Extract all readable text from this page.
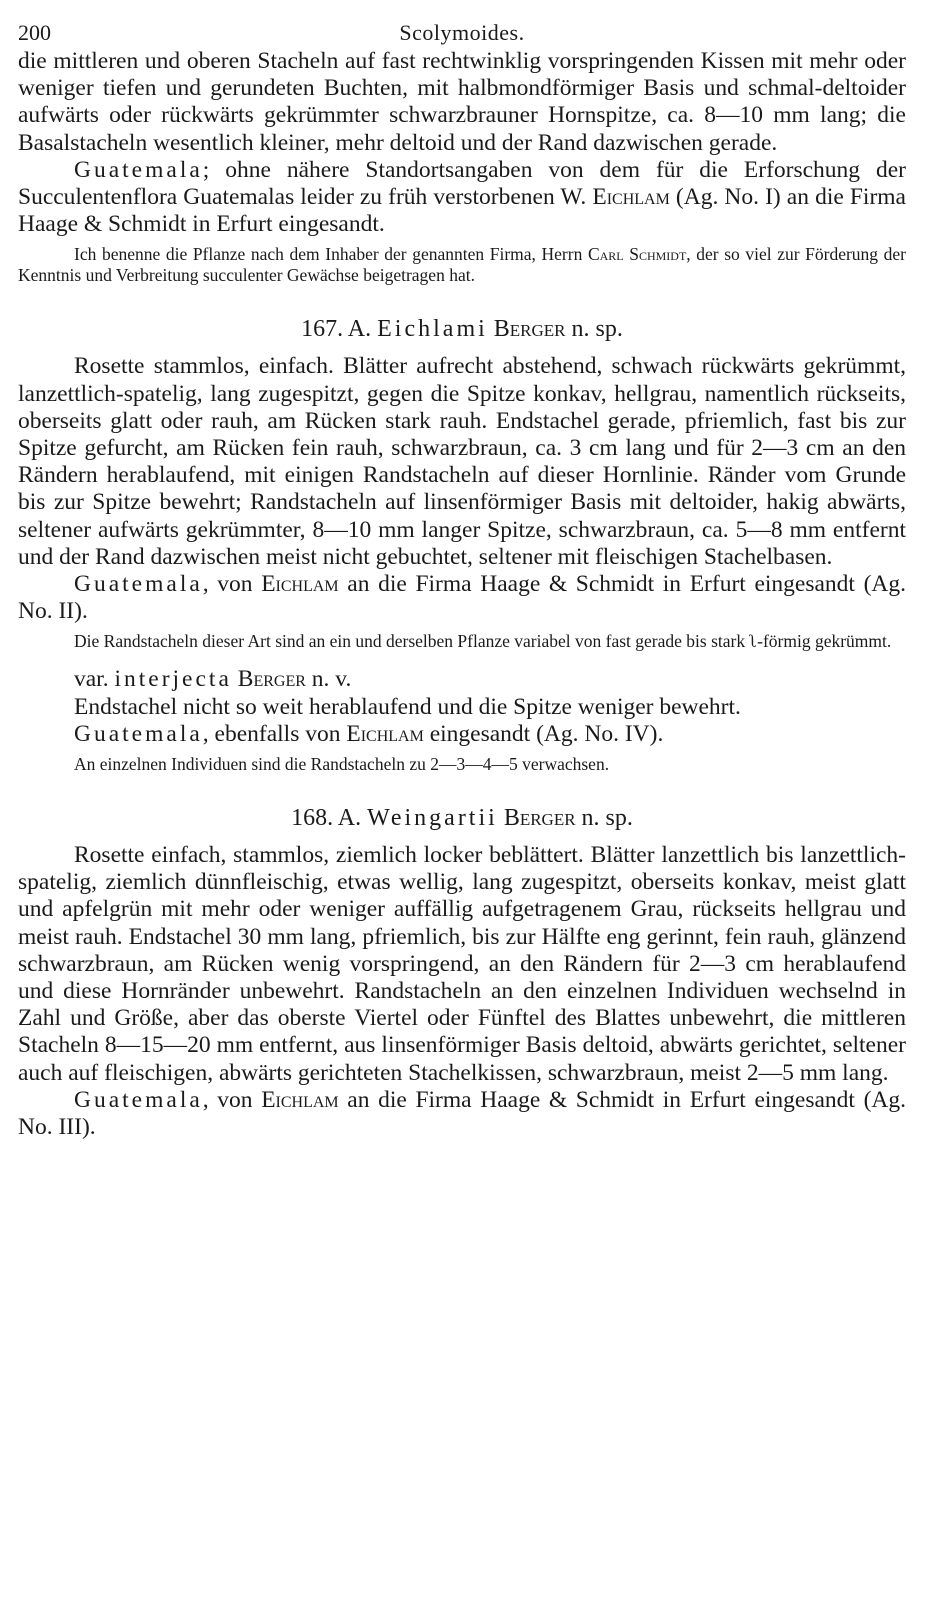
200	Scolymoides.

die mittleren und oberen Stacheln auf fast rechtwinklig vorspringenden Kissen mit mehr oder weniger tiefen und gerundeten Buchten, mit halbmondförmiger Basis und schmal-deltoider aufwärts oder rückwärts gekrümmter schwarzbrauner Hornspitze, ca. 8—10 mm lang; die Basalstacheln wesentlich kleiner, mehr deltoid und der Rand dazwischen gerade.

Guatemala; ohne nähere Standortsangaben von dem für die Erforschung der Succulentenflora Guatemalas leider zu früh verstorbenen W. Eichlam (Ag. No. I) an die Firma Haage & Schmidt in Erfurt eingesandt.

Ich benenne die Pflanze nach dem Inhaber der genannten Firma, Herrn Carl Schmidt, der so viel zur Förderung der Kenntnis und Verbreitung succulenter Gewächse beigetragen hat.

167. A. Eichlami Berger n. sp.

Rosette stammlos, einfach. Blätter aufrecht abstehend, schwach rückwärts gekrümmt, lanzettlich-spatelig, lang zugespitzt, gegen die Spitze konkav, hellgrau, namentlich rückseits, oberseits glatt oder rauh, am Rücken stark rauh. Endstachel gerade, pfriemlich, fast bis zur Spitze gefurcht, am Rücken fein rauh, schwarzbraun, ca. 3 cm lang und für 2—3 cm an den Rändern herablaufend, mit einigen Randstacheln auf dieser Hornlinie. Ränder vom Grunde bis zur Spitze bewehrt; Randstacheln auf linsenförmiger Basis mit deltoider, hakig abwärts, seltener aufwärts gekrümmter, 8—10 mm langer Spitze, schwarzbraun, ca. 5—8 mm entfernt und der Rand dazwischen meist nicht gebuchtet, seltener mit fleischigen Stachelbasen.

Guatemala, von Eichlam an die Firma Haage & Schmidt in Erfurt eingesandt (Ag. No. II).

Die Randstacheln dieser Art sind an ein und derselben Pflanze variabel von fast gerade bis stark ʅ-förmig gekrümmt.

var. interjecta Berger n. v.

Endstachel nicht so weit herablaufend und die Spitze weniger bewehrt.

Guatemala, ebenfalls von Eichlam eingesandt (Ag. No. IV).

An einzelnen Individuen sind die Randstacheln zu 2—3—4—5 verwachsen.

168. A. Weingartii Berger n. sp.

Rosette einfach, stammlos, ziemlich locker beblättert. Blätter lanzettlich bis lanzettlich-spatelig, ziemlich dünnfleischig, etwas wellig, lang zugespitzt, oberseits konkav, meist glatt und apfelgrün mit mehr oder weniger auffällig aufgetragenem Grau, rückseits hellgrau und meist rauh. Endstachel 30 mm lang, pfriemlich, bis zur Hälfte eng gerinnt, fein rauh, glänzend schwarzbraun, am Rücken wenig vorspringend, an den Rändern für 2—3 cm herablaufend und diese Hornränder unbewehrt. Randstacheln an den einzelnen Individuen wechselnd in Zahl und Größe, aber das oberste Viertel oder Fünftel des Blattes unbewehrt, die mittleren Stacheln 8—15—20 mm entfernt, aus linsenförmiger Basis deltoid, abwärts gerichtet, seltener auch auf fleischigen, abwärts gerichteten Stachelkissen, schwarzbraun, meist 2—5 mm lang.

Guatemala, von Eichlam an die Firma Haage & Schmidt in Erfurt eingesandt (Ag. No. III).
